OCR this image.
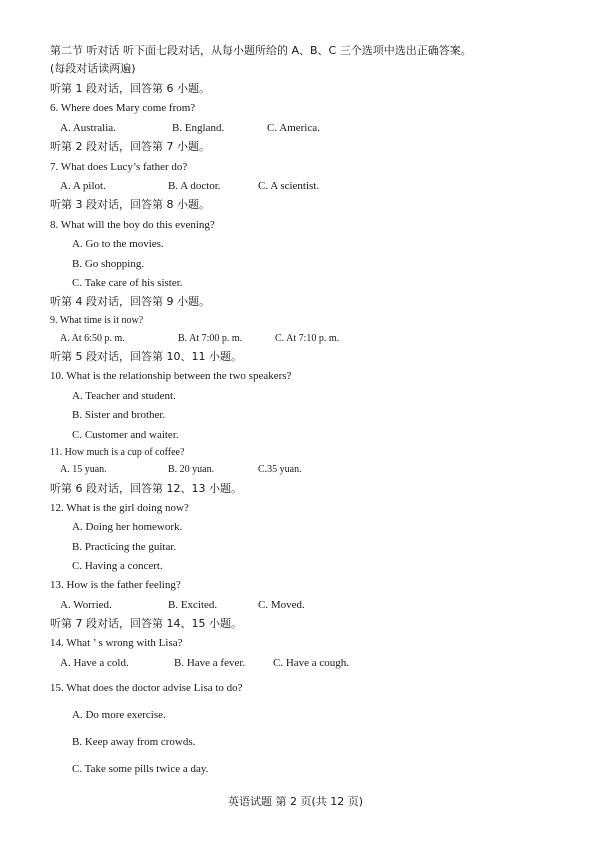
第二节 听对话 听下面七段对话，从每小题所给的 A、B、C 三个选项中选出正确答案。
(每段对话读两遍)
听第 1 段对话，回答第 6 小题。
6. Where does Mary come from?
A. Australia.	B. England.	C. America.
听第 2 段对话，回答第 7 小题。
7. What does Lucy’s father do?
A. A pilot.	B. A doctor.	C. A scientist.
听第 3 段对话，回答第 8 小题。
8. What will the boy do this evening?
A. Go to the movies.
B. Go shopping.
C. Take care of his sister.
听第 4 段对话，回答第 9 小题。
9. What time is it now?
A. At 6:50 p. m.	B. At 7:00 p. m.	C. At 7:10 p. m.
听第 5 段对话，回答第 10、11 小题。
10. What is the relationship between the two speakers?
A. Teacher and student.
B. Sister and brother.
C. Customer and waiter.
11. How much is a cup of coffee?
A. 15 yuan.	B. 20 yuan.	C.35 yuan.
听第 6 段对话，回答第 12、13 小题。
12. What is the girl doing now?
A. Doing her homework.
B. Practicing the guitar.
C. Having a concert.
13. How is the father feeling?
A. Worried.	B. Excited.	C. Moved.
听第 7 段对话，回答第 14、15 小题。
14. What ’ s wrong with Lisa?
A. Have a cold.	B. Have a fever.	C. Have a cough.
15. What does the doctor advise Lisa to do?
A. Do more exercise.
B. Keep away from crowds.
C. Take some pills twice a day.
英语试题 第 2 页(共 12 页)
